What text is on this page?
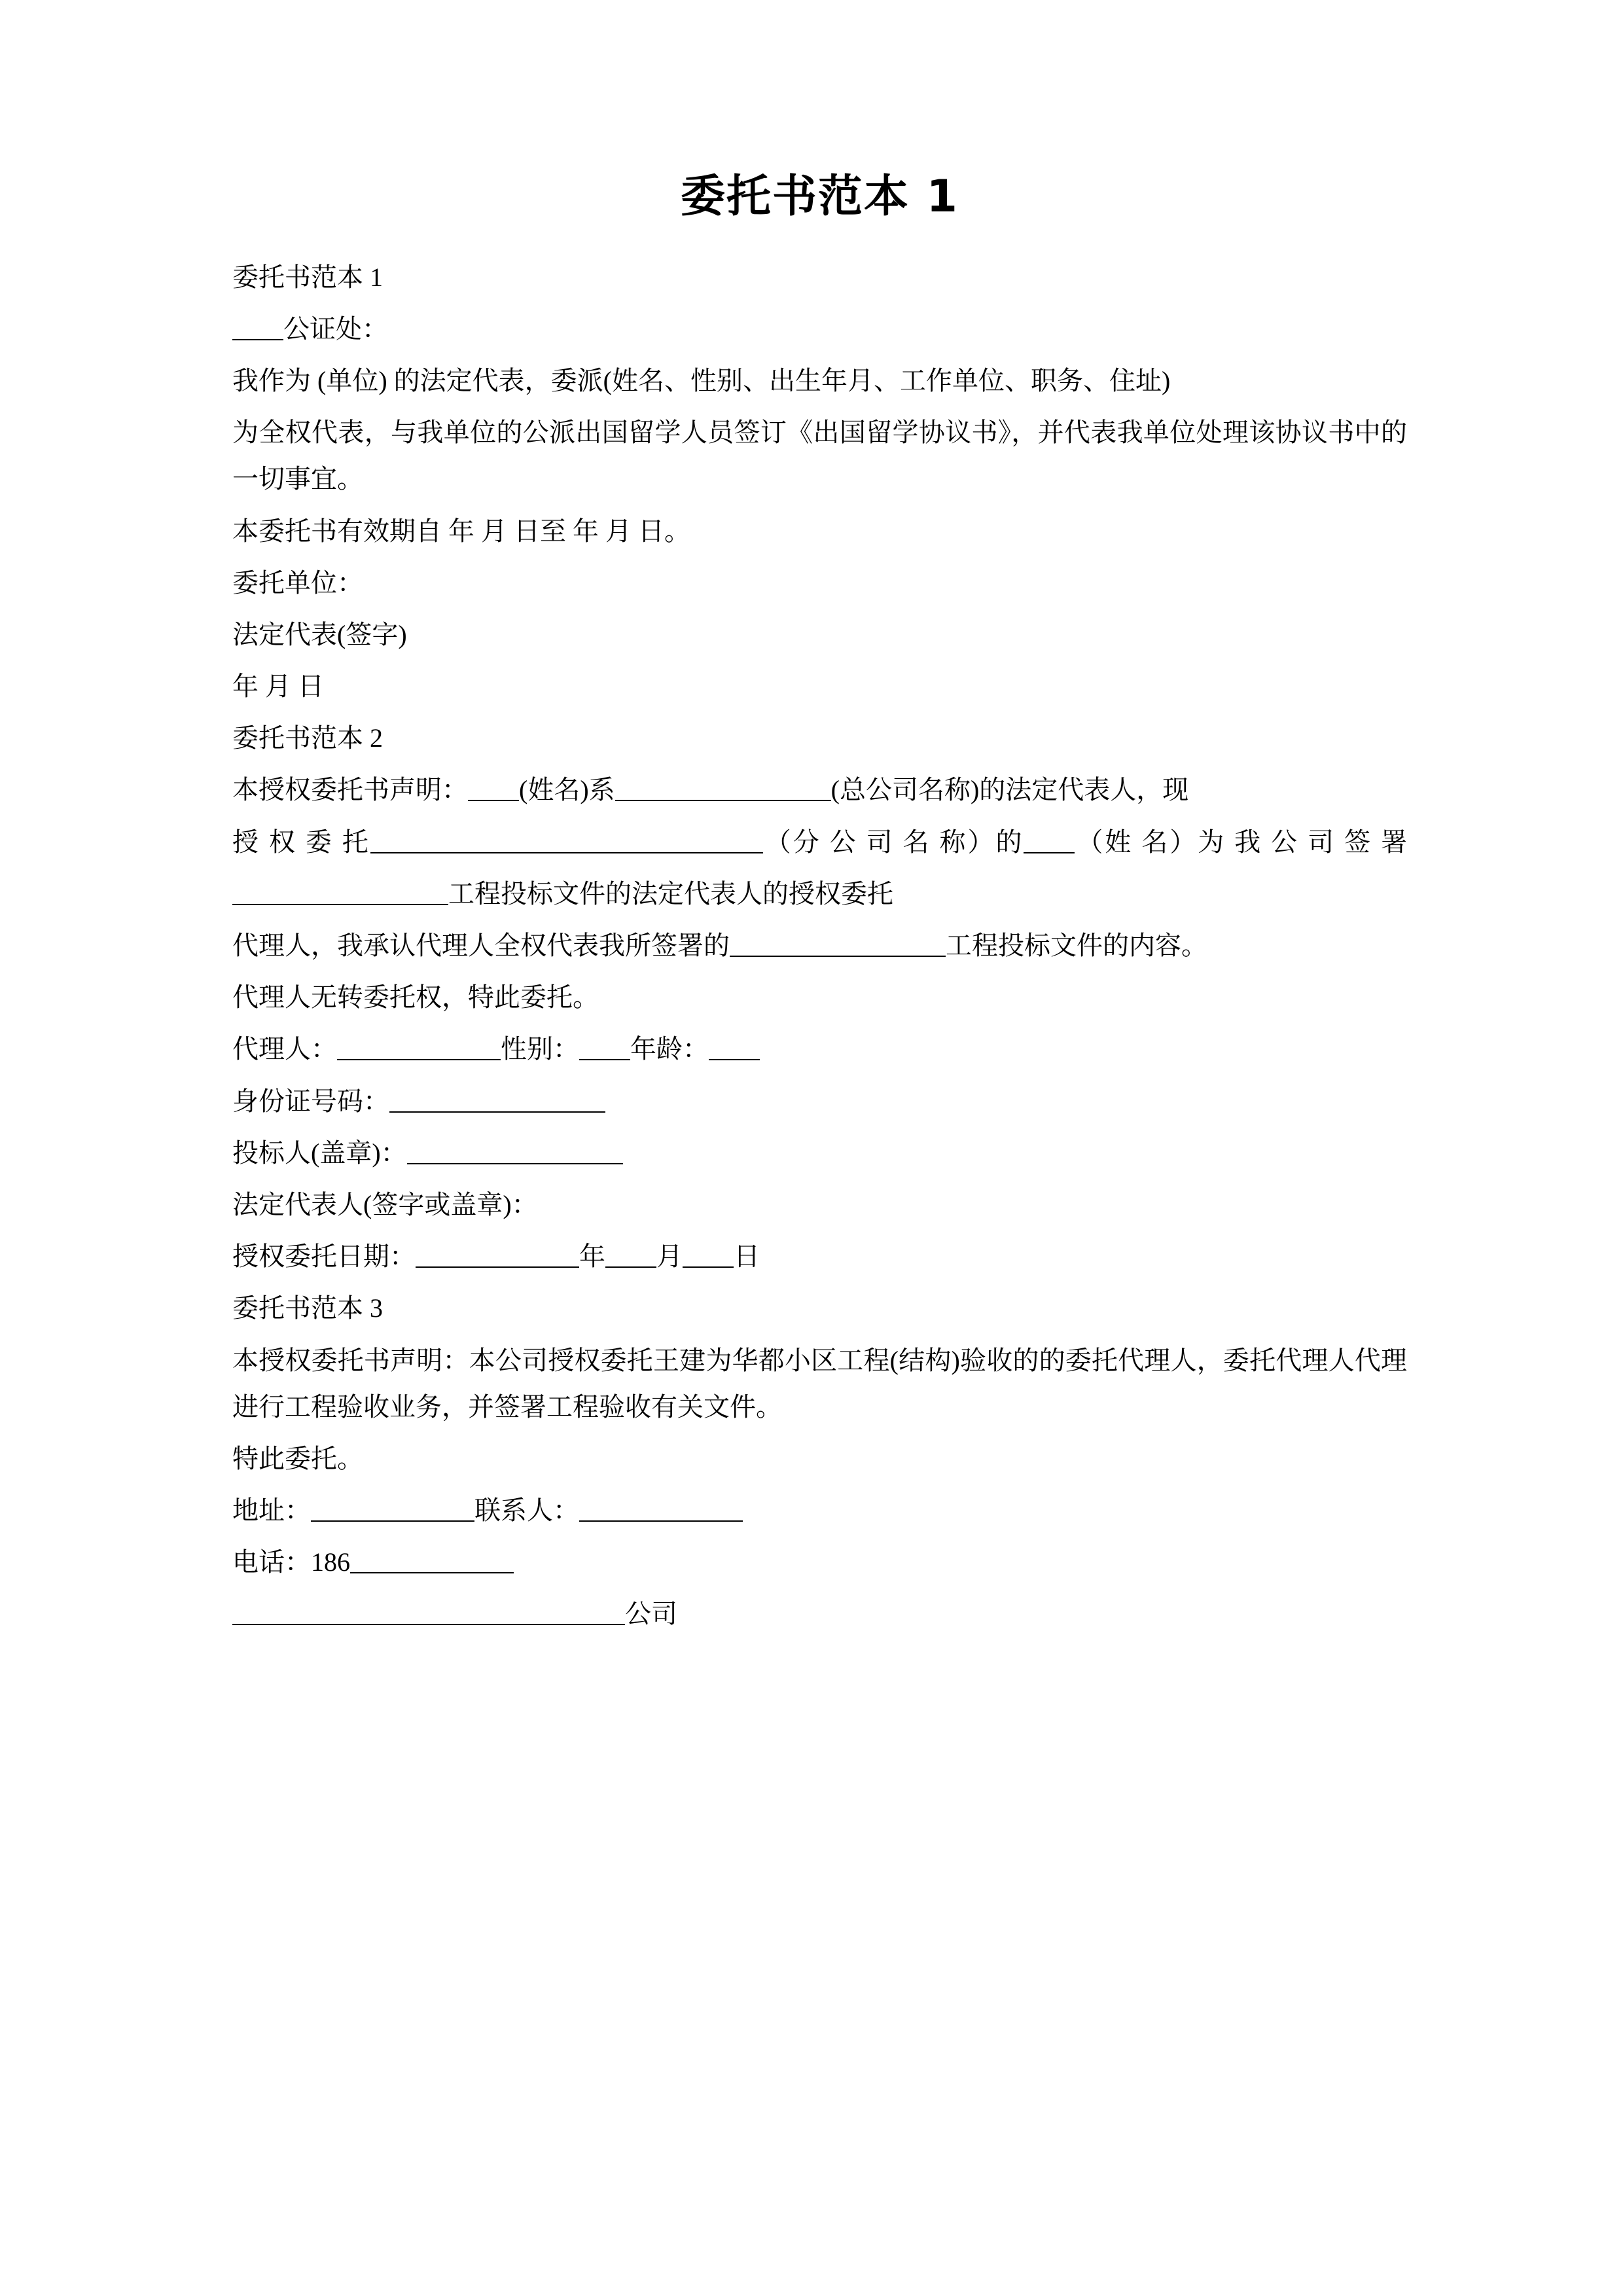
委托书范本 1

委托书范本 1

公证处：

我作为 (单位) 的法定代表，委派(姓名、性别、出生年月、工作单位、职务、住址)

为全权代表，与我单位的公派出国留学人员签订《出国留学协议书》，并代表我单位处理该协议书中的一切事宜。

本委托书有效期自 年 月 日至 年 月 日。

委托单位：

法定代表(签字)

年 月 日

委托书范本 2

本授权委托书声明： (姓名)系	(总公司名称)的法定代表人，现

授 权 委 托	（分 公 司 名 称）的 （姓 名）为 我 公 司 签 署

工程投标文件的法定代表人的授权委托

代理人，我承认代理人全权代表我所签署的	工程投标文件的内容。

代理人无转委托权，特此委托。

代理人：	性别： 年龄：

身份证号码：

投标人(盖章)：

法定代表人(签字或盖章)：

授权委托日期：	年 月 日

委托书范本 3

本授权委托书声明：本公司授权委托王建为华都小区工程(结构)验收的的委托代理人，委托代理人代理进行工程验收业务，并签署工程验收有关文件。

特此委托。

地址：	联系人：

电话：186

公司
